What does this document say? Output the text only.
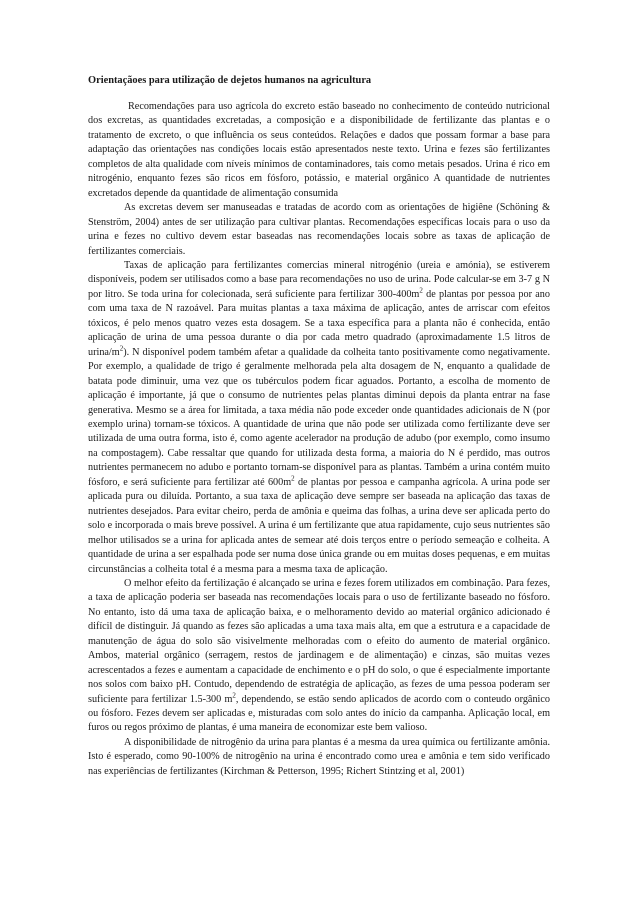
Orientaçãoes para utilização de dejetos humanos na agricultura

Recomendações para uso agrícola do excreto estão baseado no conhecimento de conteúdo nutricional dos excretas, as quantidades excretadas, a composição e a disponibilidade de fertilizante das plantas e o tratamento de excreto, o que influência os seus conteúdos. Relações e dados que possam formar a base para adaptação das orientações nas condições locais estão apresentados neste texto. Urina e fezes são fertilizantes completos de alta qualidade com níveis mínimos de contaminadores, tais como metais pesados. Urina é rico em nitrogénio, enquanto fezes são ricos em fósforo, potássio, e material orgânico A quantidade de nutrientes excretados depende da quantidade de alimentação consumida

As excretas devem ser manuseadas e tratadas de acordo com as orientações de higiêne (Schöning & Stenström, 2004) antes de ser utilização para cultivar plantas. Recomendações específicas locais para o uso da urina e fezes no cultivo devem estar baseadas nas recomendações locais sobre as taxas de aplicação de fertilizantes comerciais.

Taxas de aplicação para fertilizantes comercias mineral nitrogénio (ureia e amónia), se estiverem disponíveis, podem ser utilisados como a base para recomendações no uso de urina. Pode calcular-se em 3-7 g N por litro. Se toda urina for colecionada, será suficiente para fertilizar $300-400m^2$ de plantas por pessoa por ano com uma taxa de N razoável. Para muitas plantas a taxa máxima de aplicação, antes de arriscar com efeitos tóxicos, é pelo menos quatro vezes esta dosagem. Se a taxa específica para a planta não é conhecida, então aplicação de urina de uma pessoa durante o dia por cada metro quadrado (aproximadamente 1.5 litros de urina/$m^2$). N disponível podem também afetar a qualidade da colheita tanto positivamente como negativamente. Por exemplo, a qualidade de trigo é geralmente melhorada pela alta dosagem de N, enquanto a qualidade de batata pode diminuir, uma vez que os tubérculos podem ficar aguados. Portanto, a escolha de momento de aplicação é importante, já que o consumo de nutrientes pelas plantas diminui depois da planta entrar na fase generativa. Mesmo se a área for limitada, a taxa média não pode exceder onde quantidades adicionais de N (por exemplo urina) tornam-se tóxicos. A quantidade de urina que não pode ser utilizada como fertilizante deve ser utilizada de uma outra forma, isto é, como agente acelerador na produção de adubo (por exemplo, como insumo na compostagem). Cabe ressaltar que quando for utilizada desta forma, a maioria do N é perdido, mas outros nutrientes permanecem no adubo e portanto tornam-se disponível para as plantas. Também a urina contém muito fósforo, e será suficiente para fertilizar até $600m^2$ de plantas por pessoa e campanha agrícola. A urina pode ser aplicada pura ou diluída. Portanto, a sua taxa de aplicação deve sempre ser baseada na aplicação das taxas de nutrientes desejados. Para evitar cheiro, perda de amônia e queima das folhas, a urina deve ser aplicada perto do solo e incorporada o mais breve possível. A urina é um fertilizante que atua rapidamente, cujo seus nutrientes são melhor utilisados se a urina for aplicada antes de semear até dois terços entre o período semeação e colheita. A quantidade de urina a ser espalhada pode ser numa dose única grande ou em muitas doses pequenas, e em muitas circunstâncias a colheita total é a mesma para a mesma taxa de aplicação.

O melhor efeito da fertilização é alcançado se urina e fezes forem utilizados em combinação. Para fezes, a taxa de aplicação poderia ser baseada nas recomendações locais para o uso de fertilizante baseado no fósforo. No entanto, isto dá uma taxa de aplicação baixa, e o melhoramento devido ao material orgânico adicionado é difícil de distinguir. Já quando as fezes são aplicadas a uma taxa mais alta, em que a estrutura e a capacidade de manutenção de água do solo são visivelmente melhoradas com o efeito do aumento de material orgânico. Ambos, material orgânico (serragem, restos de jardinagem e de alimentação) e cinzas, são muitas vezes acrescentados a fezes e aumentam a capacidade de enchimento e o pH do solo, o que é especialmente importante nos solos com baixo pH. Contudo, dependendo de estratégia de aplicação, as fezes de uma pessoa poderam ser suficiente para fertilizar 1.5-300 $m^2$, dependendo, se estão sendo aplicados de acordo com o conteudo orgânico ou fósforo. Fezes devem ser aplicadas e, misturadas com solo antes do início da campanha. Aplicação local, em furos ou regos próximo de plantas, é uma maneira de economizar este bem valioso.

A disponibilidade de nitrogênio da urina para plantas é a mesma da urea química ou fertilizante amônia. Isto é esperado, como 90-100% de nitrogênio na urina é encontrado como urea e amônia e tem sido verificado nas experiências de fertilizantes (Kirchman & Petterson, 1995; Richert Stintzing et al, 2001)
